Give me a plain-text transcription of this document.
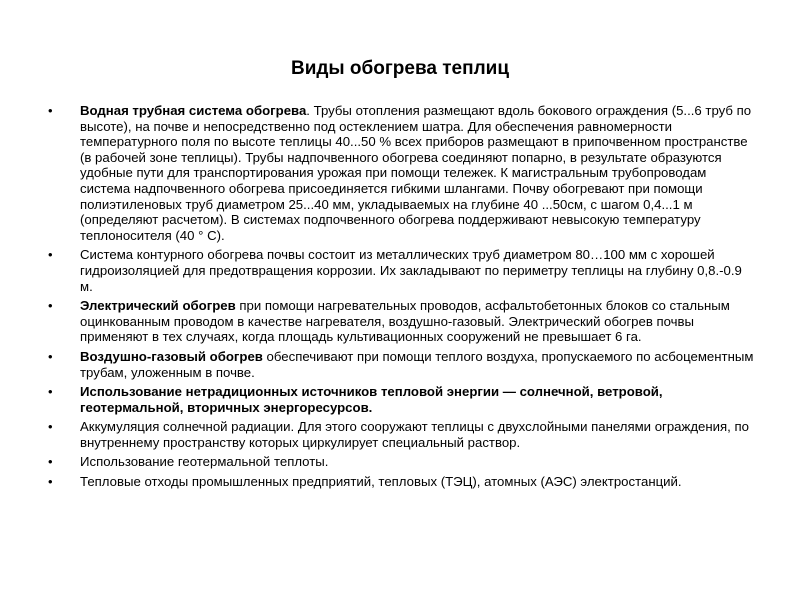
Виды обогрева теплиц
• Водная трубная система обогрева. Трубы отопления размещают вдоль бокового ограждения (5...6 труб по высоте), на почве и непосредственно под остеклением шатра. Для обеспечения равномерности температурного поля по высоте теплицы 40...50 % всех приборов размещают в припочвенном пространстве (в рабочей зоне теплицы). Трубы надпочвенного обогрева соединяют попарно, в результате образуются удобные пути для транспортирования урожая при помощи тележек. К магистральным трубопроводам система надпочвенного обогрева присоединяется гибкими шлангами. Почву обогревают при помощи полиэтиленовых труб диаметром 25...40 мм, укладываемых на глубине 40 ...50см, с шагом 0,4...1 м (определяют расчетом). В системах подпочвенного обогрева поддерживают невысокую температуру теплоносителя (40 ° С).
• Система контурного обогрева почвы состоит из металлических труб диаметром 80…100 мм с хорошей гидроизоляцией для предотвращения коррозии. Их закладывают по периметру теплицы на глубину 0,8.-0.9 м.
• Электрический обогрев при помощи нагревательных проводов, асфальтобетонных блоков со стальным оцинкованным проводом в качестве нагревателя, воздушно-газовый. Электрический обогрев почвы применяют в тех случаях, когда площадь культивационных сооружений не превышает 6 га.
• Воздушно-газовый обогрев обеспечивают при помощи теплого воздуха, пропускаемого по асбоцементным трубам, уложенным в почве.
• Использование нетрадиционных источников тепловой энергии — солнечной, ветровой, геотермальной, вторичных энергоресурсов.
• Аккумуляция солнечной радиации. Для этого сооружают теплицы с двухслойными панелями ограждения, по внутреннему пространству которых циркулирует специальный раствор.
• Использование геотермальной теплоты.
• Тепловые отходы промышленных предприятий, тепловых (ТЭЦ), атомных (АЭС) электростанций.
